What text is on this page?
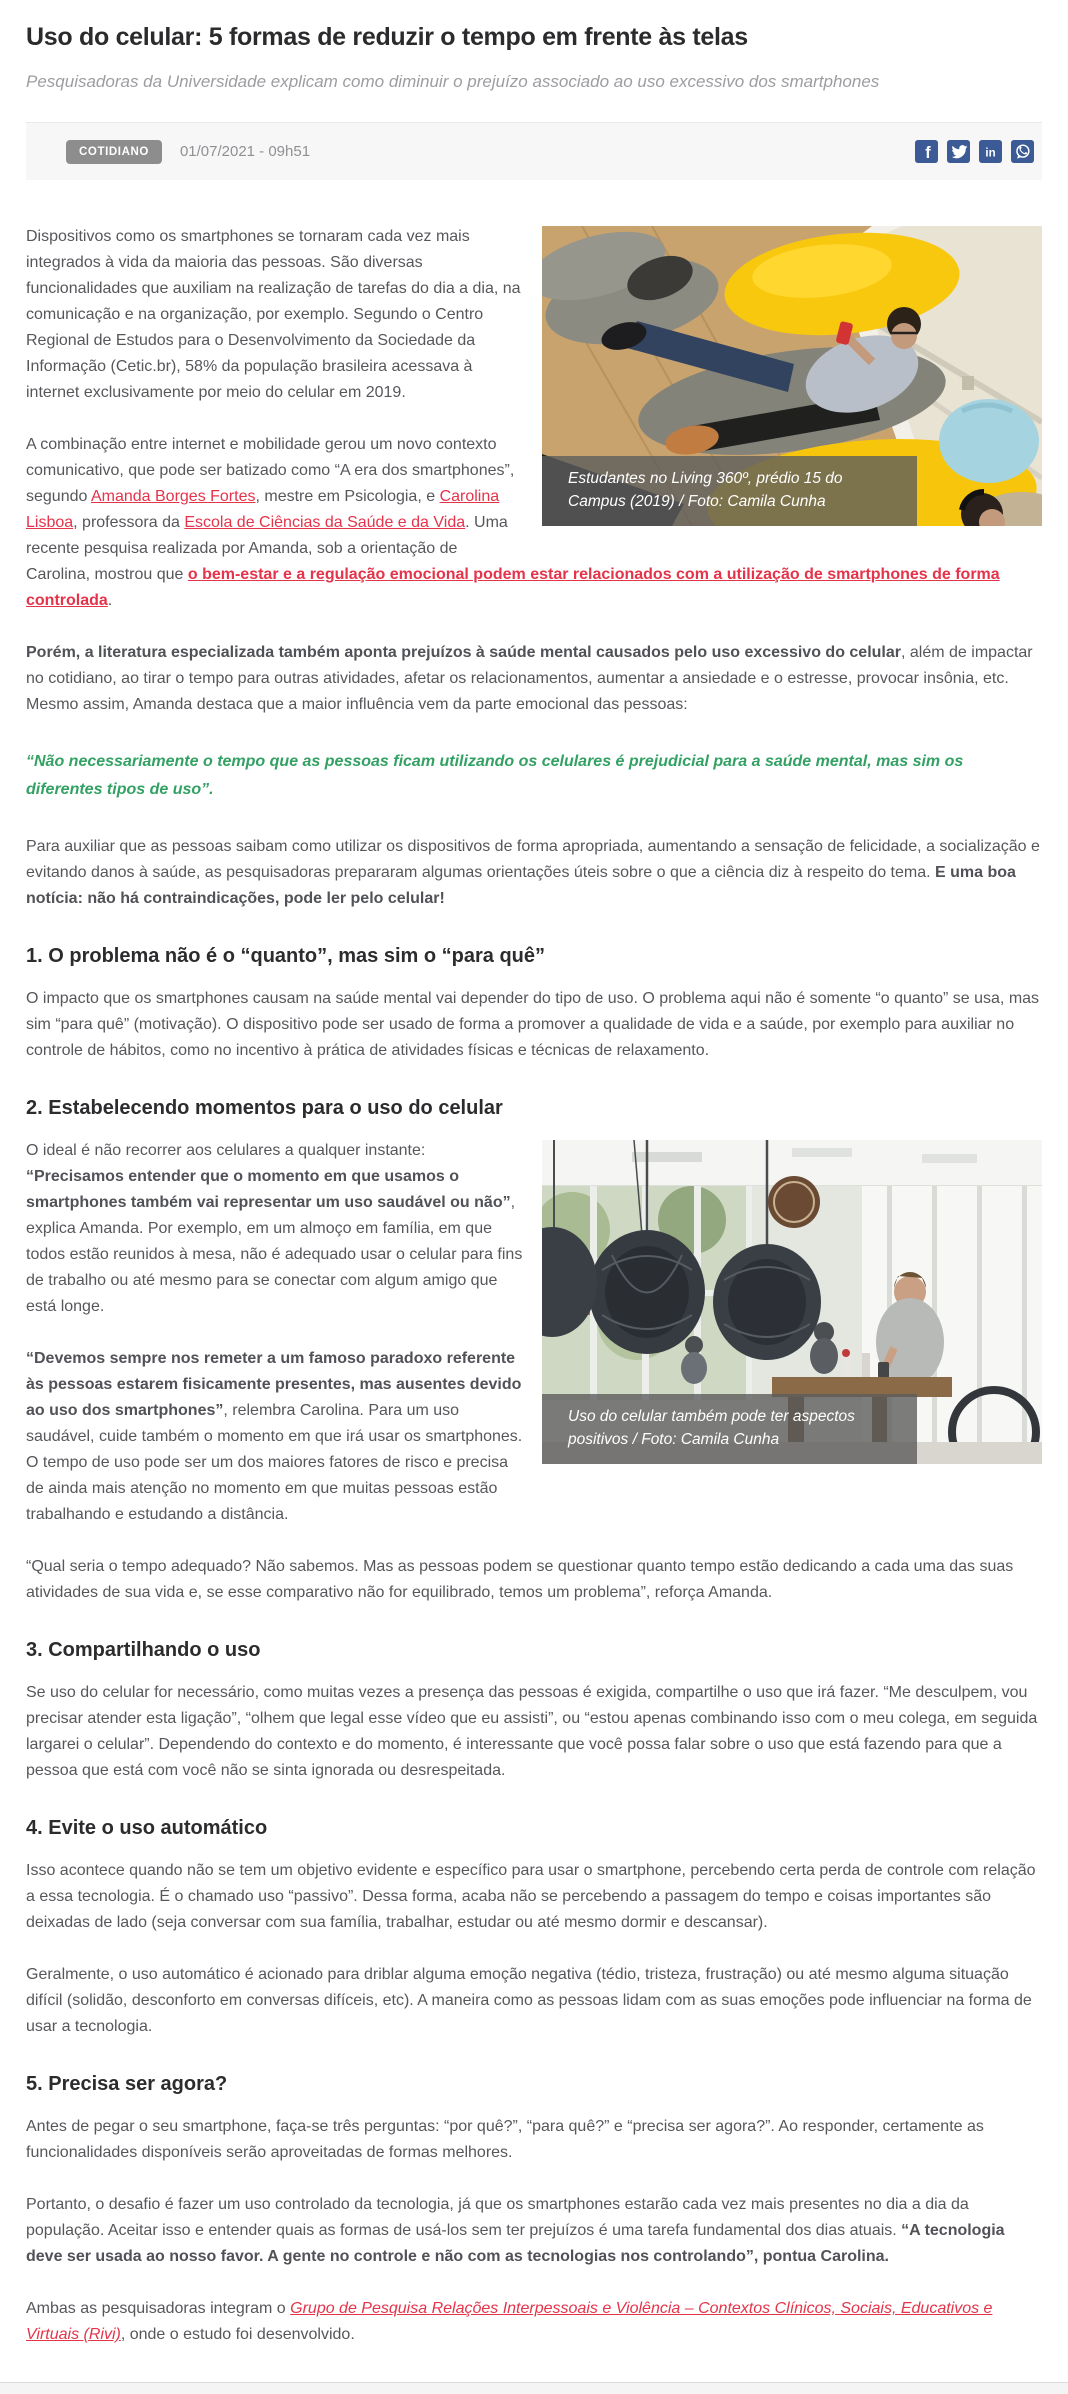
Uso do celular: 5 formas de reduzir o tempo em frente às telas

Pesquisadoras da Universidade explicam como diminuir o prejuízo associado ao uso excessivo dos smartphones

COTIDIANO	01/07/2021 - 09h51	f	in
Estudantes no Living 360º, prédio 15 do Campus (2019) / Foto: Camila Cunha

Dispositivos como os smartphones se tornaram cada vez mais integrados à vida da maioria das pessoas. São diversas funcionalidades que auxiliam na realização de tarefas do dia a dia, na comunicação e na organização, por exemplo. Segundo o Centro Regional de Estudos para o Desenvolvimento da Sociedade da Informação (Cetic.br), 58% da população brasileira acessava à internet exclusivamente por meio do celular em 2019.

A combinação entre internet e mobilidade gerou um novo contexto comunicativo, que pode ser batizado como “A era dos smartphones”, segundo Amanda Borges Fortes, mestre em Psicologia, e Carolina Lisboa, professora da Escola de Ciências da Saúde e da Vida. Uma recente pesquisa realizada por Amanda, sob a orientação de Carolina, mostrou que o bem-estar e a regulação emocional podem estar relacionados com a utilização de smartphones de forma controlada.

Porém, a literatura especializada também aponta prejuízos à saúde mental causados pelo uso excessivo do celular, além de impactar no cotidiano, ao tirar o tempo para outras atividades, afetar os relacionamentos, aumentar a ansiedade e o estresse, provocar insônia, etc. Mesmo assim, Amanda destaca que a maior influência vem da parte emocional das pessoas:

“Não necessariamente o tempo que as pessoas ficam utilizando os celulares é prejudicial para a saúde mental, mas sim os diferentes tipos de uso”.

Para auxiliar que as pessoas saibam como utilizar os dispositivos de forma apropriada, aumentando a sensação de felicidade, a socialização e evitando danos à saúde, as pesquisadoras prepararam algumas orientações úteis sobre o que a ciência diz à respeito do tema. E uma boa notícia: não há contraindicações, pode ler pelo celular!

1. O problema não é o “quanto”, mas sim o “para quê”

O impacto que os smartphones causam na saúde mental vai depender do tipo de uso. O problema aqui não é somente “o quanto” se usa, mas sim “para quê” (motivação). O dispositivo pode ser usado de forma a promover a qualidade de vida e a saúde, por exemplo para auxiliar no controle de hábitos, como no incentivo à prática de atividades físicas e técnicas de relaxamento.

2. Estabelecendo momentos para o uso do celular
Uso do celular também pode ter aspectos positivos / Foto: Camila Cunha

O ideal é não recorrer aos celulares a qualquer instante: “Precisamos entender que o momento em que usamos o smartphones também vai representar um uso saudável ou não”, explica Amanda. Por exemplo, em um almoço em família, em que todos estão reunidos à mesa, não é adequado usar o celular para fins de trabalho ou até mesmo para se conectar com algum amigo que está longe.

“Devemos sempre nos remeter a um famoso paradoxo referente às pessoas estarem fisicamente presentes, mas ausentes devido ao uso dos smartphones”, relembra Carolina. Para um uso saudável, cuide também o momento em que irá usar os smartphones. O tempo de uso pode ser um dos maiores fatores de risco e precisa de ainda mais atenção no momento em que muitas pessoas estão trabalhando e estudando a distância.

“Qual seria o tempo adequado? Não sabemos. Mas as pessoas podem se questionar quanto tempo estão dedicando a cada uma das suas atividades de sua vida e, se esse comparativo não for equilibrado, temos um problema”, reforça Amanda.

3. Compartilhando o uso

Se uso do celular for necessário, como muitas vezes a presença das pessoas é exigida, compartilhe o uso que irá fazer. “Me desculpem, vou precisar atender esta ligação”, “olhem que legal esse vídeo que eu assisti”, ou “estou apenas combinando isso com o meu colega, em seguida largarei o celular”. Dependendo do contexto e do momento, é interessante que você possa falar sobre o uso que está fazendo para que a pessoa que está com você não se sinta ignorada ou desrespeitada.

4. Evite o uso automático

Isso acontece quando não se tem um objetivo evidente e específico para usar o smartphone, percebendo certa perda de controle com relação a essa tecnologia. É o chamado uso “passivo”. Dessa forma, acaba não se percebendo a passagem do tempo e coisas importantes são deixadas de lado (seja conversar com sua família, trabalhar, estudar ou até mesmo dormir e descansar).

Geralmente, o uso automático é acionado para driblar alguma emoção negativa (tédio, tristeza, frustração) ou até mesmo alguma situação difícil (solidão, desconforto em conversas difíceis, etc). A maneira como as pessoas lidam com as suas emoções pode influenciar na forma de usar a tecnologia.

5. Precisa ser agora?

Antes de pegar o seu smartphone, faça-se três perguntas: “por quê?”, “para quê?” e “precisa ser agora?”. Ao responder, certamente as funcionalidades disponíveis serão aproveitadas de formas melhores.

Portanto, o desafio é fazer um uso controlado da tecnologia, já que os smartphones estarão cada vez mais presentes no dia a dia da população. Aceitar isso e entender quais as formas de usá-los sem ter prejuízos é uma tarefa fundamental dos dias atuais. “A tecnologia deve ser usada ao nosso favor. A gente no controle e não com as tecnologias nos controlando”, pontua Carolina.

Ambas as pesquisadoras integram o Grupo de Pesquisa Relações Interpessoais e Violência – Contextos Clínicos, Sociais, Educativos e Virtuais (Rivi), onde o estudo foi desenvolvido.
